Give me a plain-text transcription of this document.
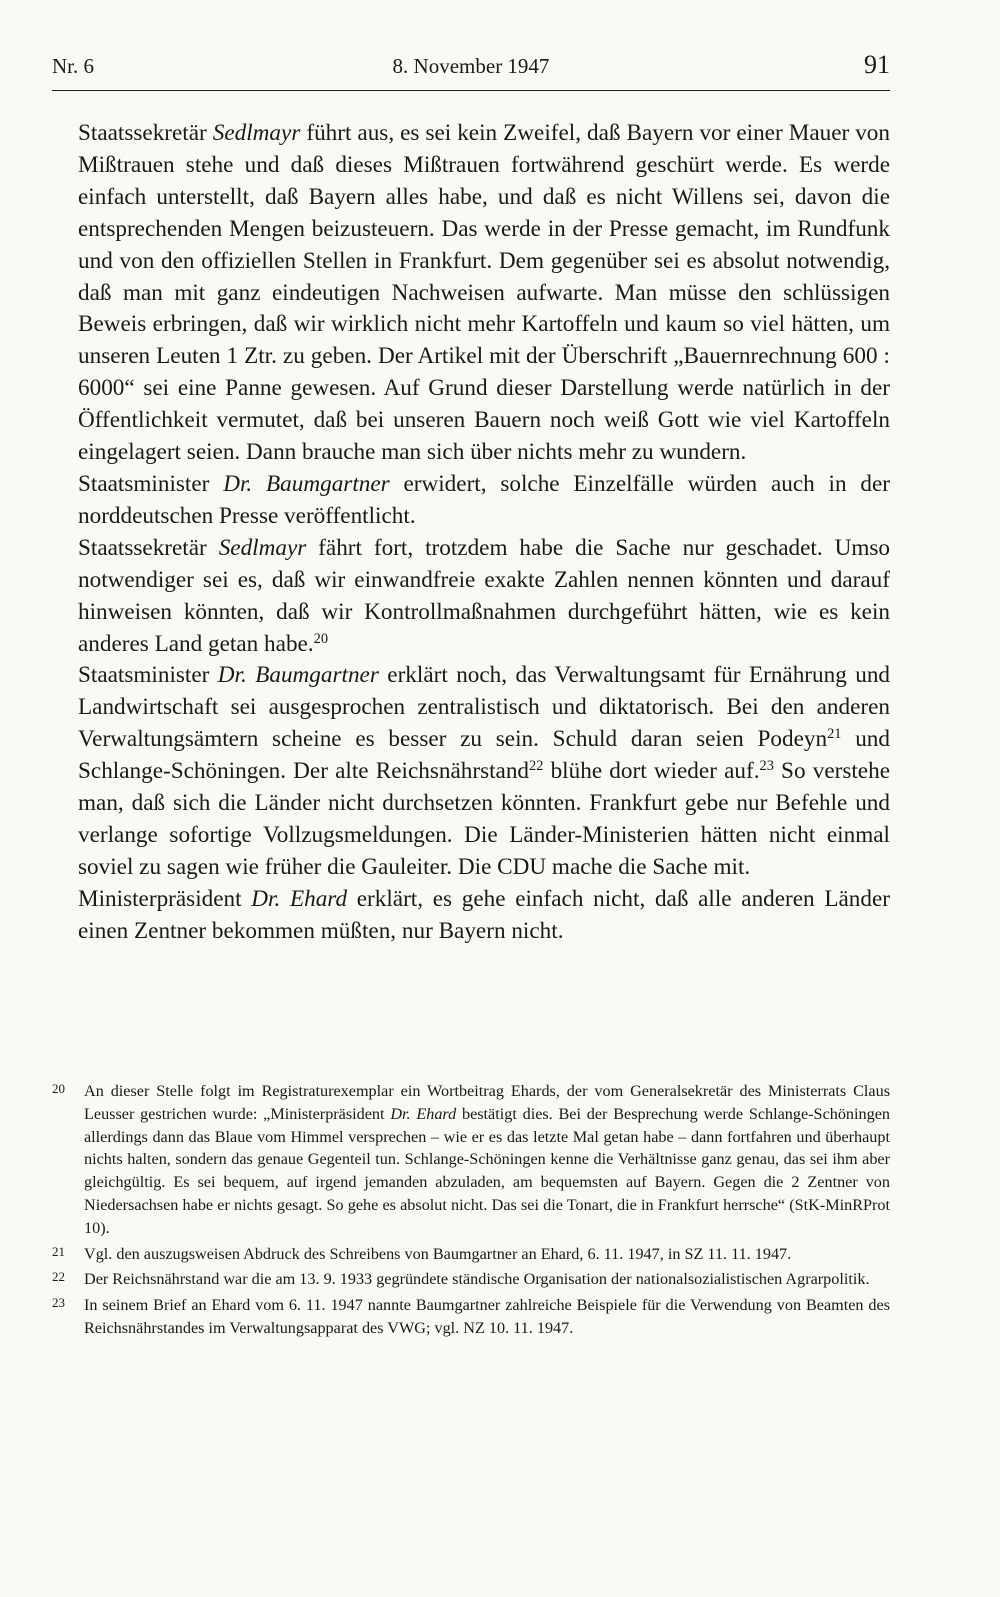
Nr. 6	8. November 1947	91

Staatssekretär Sedlmayr führt aus, es sei kein Zweifel, daß Bayern vor einer Mauer von Mißtrauen stehe und daß dieses Mißtrauen fortwährend geschürt werde. Es werde einfach unterstellt, daß Bayern alles habe, und daß es nicht Willens sei, davon die entsprechenden Mengen beizusteuern. Das werde in der Presse gemacht, im Rundfunk und von den offiziellen Stellen in Frankfurt. Dem gegenüber sei es absolut notwendig, daß man mit ganz eindeutigen Nachweisen aufwarte. Man müsse den schlüssigen Beweis erbringen, daß wir wirklich nicht mehr Kartoffeln und kaum so viel hätten, um unseren Leuten 1 Ztr. zu geben. Der Artikel mit der Überschrift „Bauernrechnung 600 : 6000“ sei eine Panne gewesen. Auf Grund dieser Darstellung werde natürlich in der Öffentlichkeit vermutet, daß bei unseren Bauern noch weiß Gott wie viel Kartoffeln eingelagert seien. Dann brauche man sich über nichts mehr zu wundern.

Staatsminister Dr. Baumgartner erwidert, solche Einzelfälle würden auch in der norddeutschen Presse veröffentlicht.

Staatssekretär Sedlmayr fährt fort, trotzdem habe die Sache nur geschadet. Umso notwendiger sei es, daß wir einwandfreie exakte Zahlen nennen könnten und darauf hinweisen könnten, daß wir Kontrollmaßnahmen durchgeführt hätten, wie es kein anderes Land getan habe.$^{20}$

Staatsminister Dr. Baumgartner erklärt noch, das Verwaltungsamt für Ernährung und Landwirtschaft sei ausgesprochen zentralistisch und diktatorisch. Bei den anderen Verwaltungsämtern scheine es besser zu sein. Schuld daran seien Podeyn$^{21}$ und Schlange-Schöningen. Der alte Reichsnährstand$^{22}$ blühe dort wieder auf.$^{23}$ So verstehe man, daß sich die Länder nicht durchsetzen könnten. Frankfurt gebe nur Befehle und verlange sofortige Vollzugsmeldungen. Die Länder-Ministerien hätten nicht einmal soviel zu sagen wie früher die Gauleiter. Die CDU mache die Sache mit.

Ministerpräsident Dr. Ehard erklärt, es gehe einfach nicht, daß alle anderen Länder einen Zentner bekommen müßten, nur Bayern nicht.

20 An dieser Stelle folgt im Registraturexemplar ein Wortbeitrag Ehards, der vom Generalsekretär des Ministerrats Claus Leusser gestrichen wurde: „Ministerpräsident Dr. Ehard bestätigt dies. Bei der Besprechung werde Schlange-Schöningen allerdings dann das Blaue vom Himmel versprechen – wie er es das letzte Mal getan habe – dann fortfahren und überhaupt nichts halten, sondern das genaue Gegenteil tun. Schlange-Schöningen kenne die Verhältnisse ganz genau, das sei ihm aber gleichgültig. Es sei bequem, auf irgend jemanden abzuladen, am bequemsten auf Bayern. Gegen die 2 Zentner von Niedersachsen habe er nichts gesagt. So gehe es absolut nicht. Das sei die Tonart, die in Frankfurt herrsche“ (StK-MinRProt 10).
21 Vgl. den auszugsweisen Abdruck des Schreibens von Baumgartner an Ehard, 6. 11. 1947, in SZ 11. 11. 1947.
22 Der Reichsnährstand war die am 13. 9. 1933 gegründete ständische Organisation der nationalsozialistischen Agrarpolitik.
23 In seinem Brief an Ehard vom 6. 11. 1947 nannte Baumgartner zahlreiche Beispiele für die Verwendung von Beamten des Reichsnährstandes im Verwaltungsapparat des VWG; vgl. NZ 10. 11. 1947.
